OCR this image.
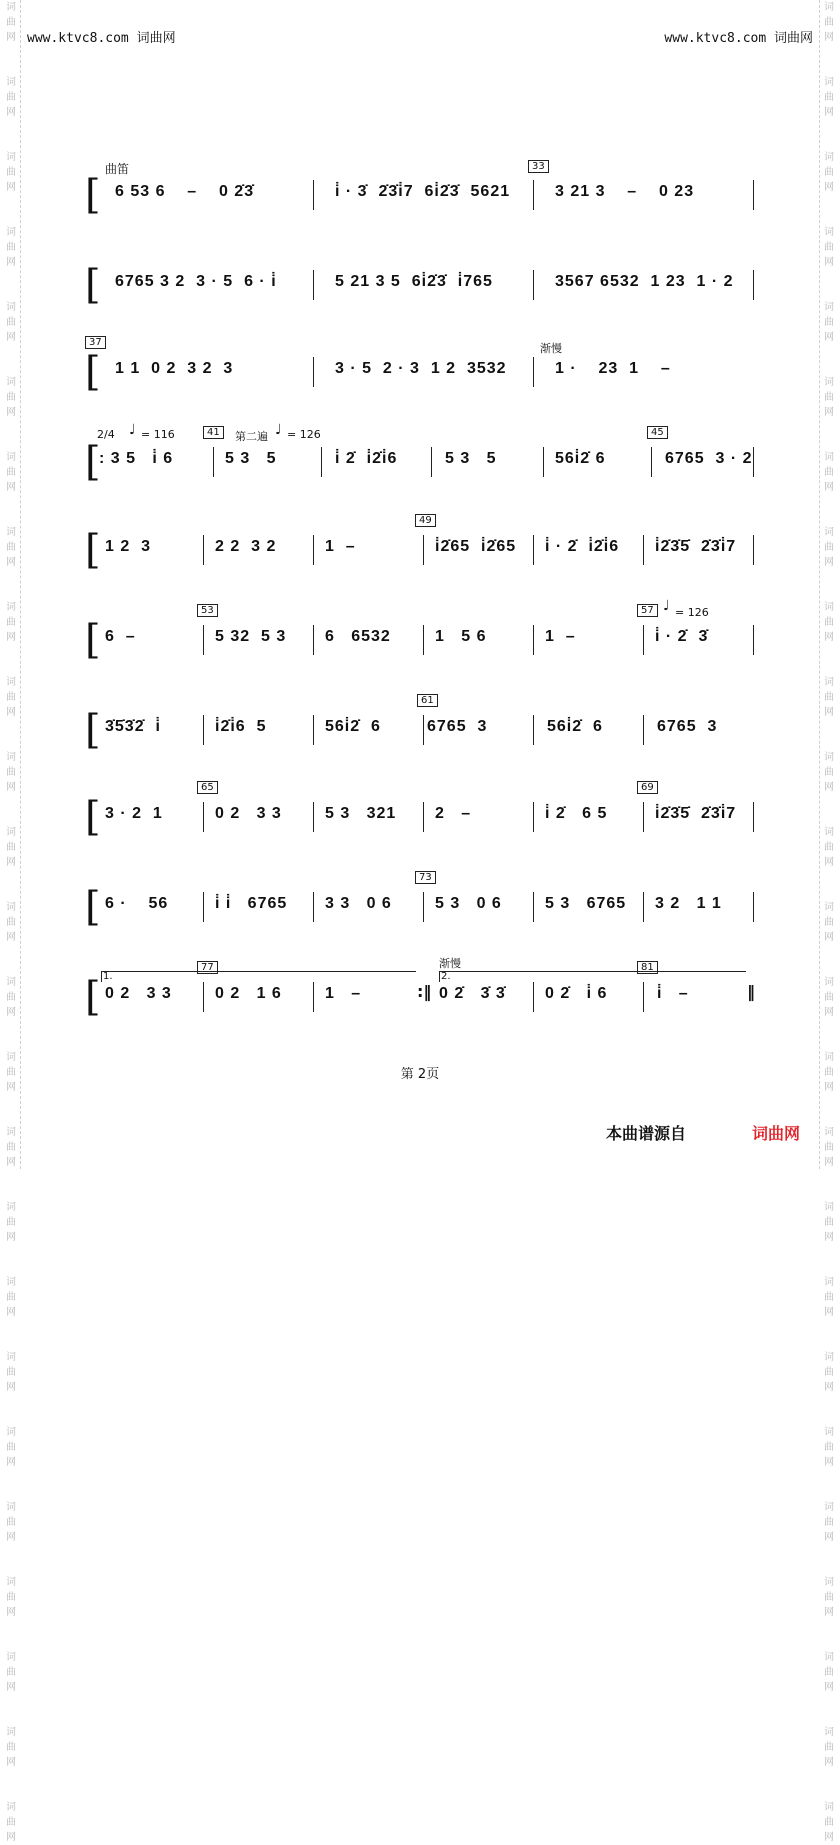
词
曲
网

词
曲
网

词
曲
网

词
曲
网

词
曲
网

词
曲
网

词
曲
网

词
曲
网

词
曲
网

词
曲
网

词
曲
网

词
曲
网

词
曲
网

词
曲
网

词
曲
网

词
曲
网

词
曲
网

词
曲
网

词
曲
网

词
曲
网

词
曲
网

词
曲
网

词
曲
网

词
曲
网

词
曲
网

词
曲
网

词
曲
网

词
曲
网

词
曲
网

词
曲
网

词
曲
网

词
曲
网

词
曲
网

词
曲
网

词
曲
网

词
曲
网

词
曲
网

词
曲
网

词
曲
网

词
曲
网

词
曲
网

词
曲
网

词
曲
网

词
曲
网

词
曲
网

词
曲
网

词
曲
网

词
曲
网

词
曲
网

词
曲
网

www.ktvc8.com 词曲网	www.ktvc8.com 词曲网
曲笛
[ 6 53 6    –    0 2̇3̇	i̇ · 3̇  2̇3̇i̇7  6i̇2̇3̇  5621
33
3 21 3    –    0 23
[ 6765 3 2  3 · 5  6 · i̇	5 21 3 5  6i̇2̇3̇  i̇765	3567 6532  1 23  1 · 2
[
37
1 1  0 2  3 2  3	3 · 5  2 · 3  1 2  3532
渐慢
1 ·    23  1    –
[
2/4 ♩ = 116
: 3 5   i̇ 6
41	第二遍 ♩ = 126
5 3   5	i̇ 2̇  i̇2̇i̇6	5 3   5	56i̇2̇ 6
45
6765  3 · 2
[ 1 2  3	2 2  3 2	1  –
49
i̇2̇65  i̇2̇65 i̇ · 2̇  i̇2̇i̇6 i̇2̇3̇5̇  2̇3̇i̇7
[ 6  –
53
5 32  5 3 6   6532	1   5 6	1  –
57 ♩ = 126
i̇ · 2̇  3̇
[ 3̇5̇3̇2̇  i̇	i̇2̇i̇6  5	56i̇2̇  6
61
6765  3	56i̇2̇  6	6765  3
[ 3 · 2  1
65
0 2   3 3	5 3   321 2   –	i̇ 2̇   6 5
69
i̇2̇3̇5̇  2̇3̇i̇7
[ 6 ·    56	i̇ i̇   6765 3 3   0 6
73
5 3   0 6	5 3   6765 3 2   1 1
[ 1.
77
0 2   3 3	0 2   1 6	1   –	:‖
渐慢
2.
0 2̇   3̇ 3̇ 0 2̇   i̇ 6
81
i̇   –	‖
第 2页
本曲谱源自	词曲网
